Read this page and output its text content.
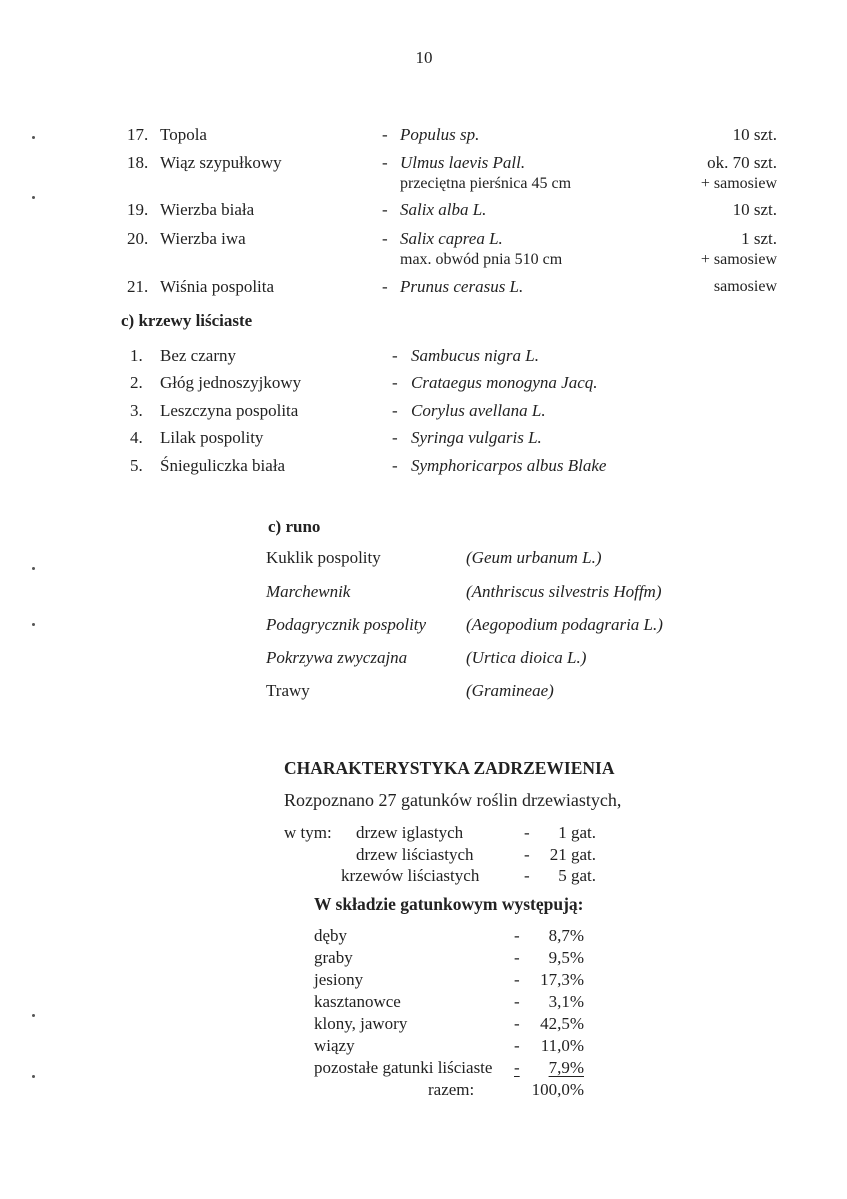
10
17. Topola	- Populus sp.	10 szt.
18. Wiąz szypułkowy	- Ulmus laevis Pall.	ok. 70 szt.
przeciętna pierśnica 45 cm	+ samosiew
19. Wierzba biała	- Salix alba L.	10 szt.
20. Wierzba iwa	- Salix caprea L.	1 szt.
max. obwód pnia 510 cm	+ samosiew
21. Wiśnia pospolita	- Prunus cerasus L.	samosiew
c) krzewy liściaste
1. Bez czarny	- Sambucus nigra L.
2. Głóg jednoszyjkowy	- Crataegus monogyna Jacq.
3. Leszczyna pospolita	- Corylus avellana L.
4. Lilak pospolity	- Syringa vulgaris L.
5. Śnieguliczka biała	- Symphoricarpos albus Blake
c) runo
Kuklik pospolity	(Geum urbanum L.)
Marchewnik	(Anthriscus silvestris Hoffm)
Podagrycznik pospolity (Aegopodium podagraria L.)
Pokrzywa zwyczajna	(Urtica dioica L.)
Trawy	(Gramineae)
CHARAKTERYSTYKA ZADRZEWIENIA
Rozpoznano 27 gatunków roślin drzewiastych,
w tym: drzew iglastych	-	1 gat.
drzew liściastych	-	21 gat.
krzewów liściastych	-	5 gat.
W składzie gatunkowym występują:
dęby	-	8,7%
graby	-	9,5%
jesiony	-	17,3%
kasztanowce	-	3,1%
klony, jawory	-	42,5%
wiązy	-	11,0%
pozostałe gatunki liściaste -	7,9%
razem:	100,0%
